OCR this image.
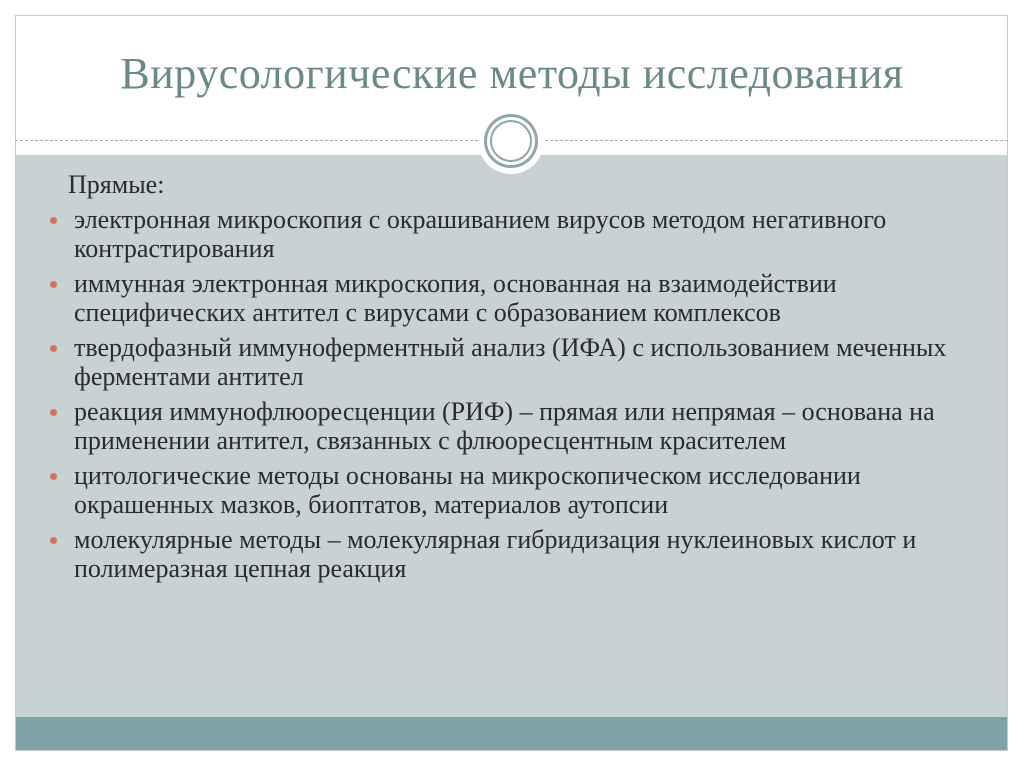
Вирусологические методы исследования
Прямые:
электронная микроскопия с окрашиванием вирусов методом негативного контрастирования
иммунная электронная микроскопия, основанная на взаимодействии специфических антител с вирусами с образованием комплексов
твердофазный иммуноферментный анализ (ИФА) с использованием меченных ферментами антител
реакция иммунофлюоресценции (РИФ) – прямая или непрямая – основана на применении антител, связанных с флюоресцентным красителем
цитологические методы основаны на микроскопическом исследовании окрашенных мазков, биоптатов, материалов аутопсии
молекулярные методы – молекулярная гибридизация нуклеиновых кислот и полимеразная цепная реакция
